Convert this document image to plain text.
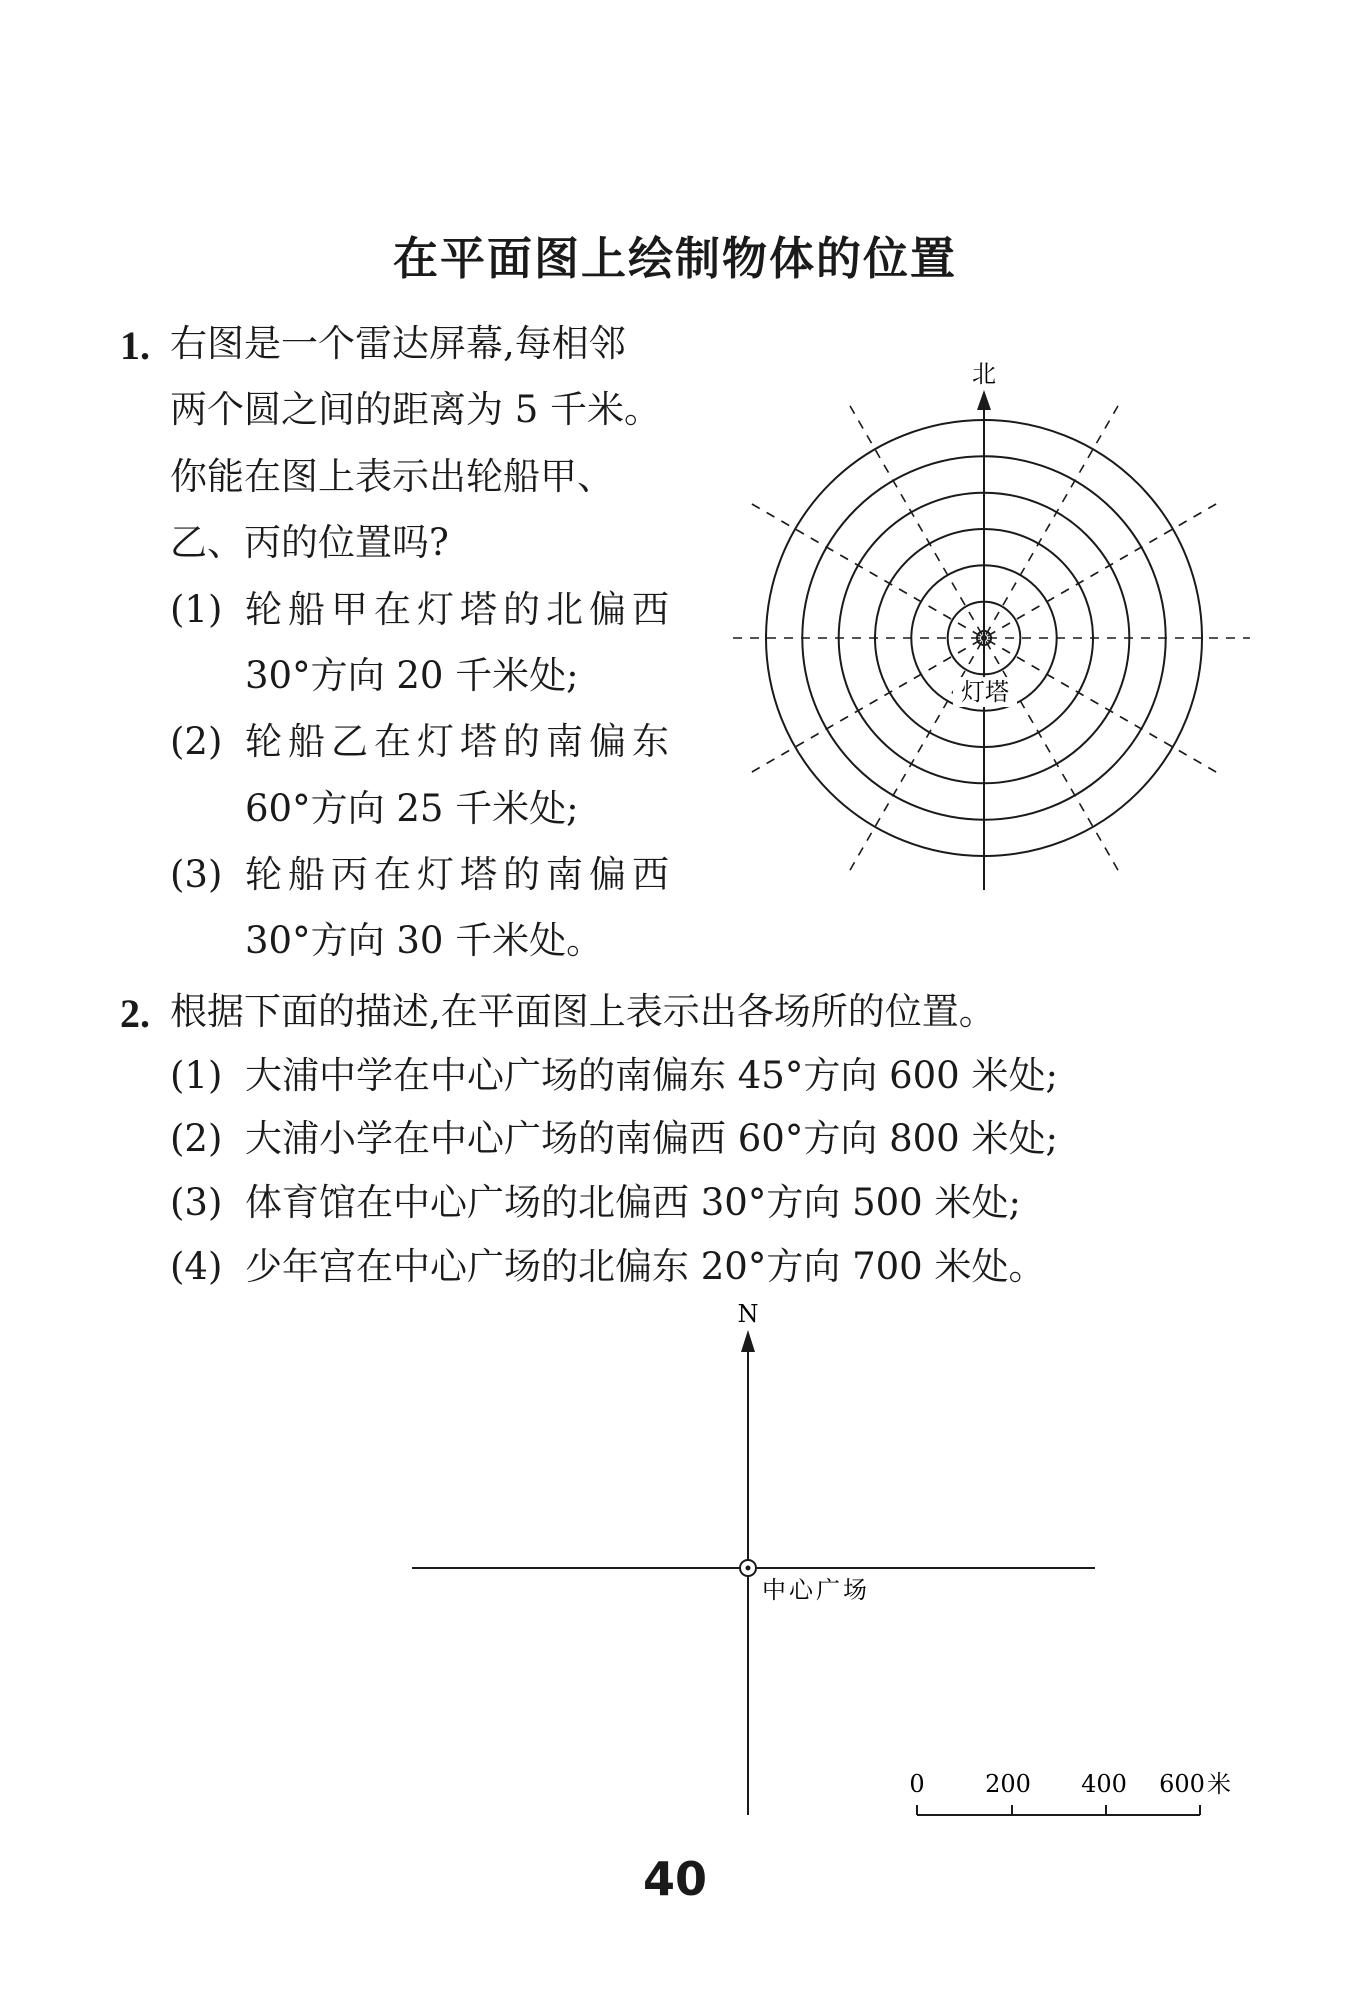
在平面图上绘制物体的位置
1. 右图是一个雷达屏幕,每相邻
两个圆之间的距离为 5 千米。
你能在图上表示出轮船甲、
乙、丙的位置吗?
(1) 轮船甲在灯塔的北偏西
30°方向 20 千米处;
(2) 轮船乙在灯塔的南偏东
60°方向 25 千米处;
(3) 轮船丙在灯塔的南偏西
30°方向 30 千米处。
北
灯塔
2. 根据下面的描述,在平面图上表示出各场所的位置。
(1) 大浦中学在中心广场的南偏东 45°方向 600 米处;
(2) 大浦小学在中心广场的南偏西 60°方向 800 米处;
(3) 体育馆在中心广场的北偏西 30°方向 500 米处;
(4) 少年宫在中心广场的北偏东 20°方向 700 米处。
N
中心广场
0	200 400 600 米
40
